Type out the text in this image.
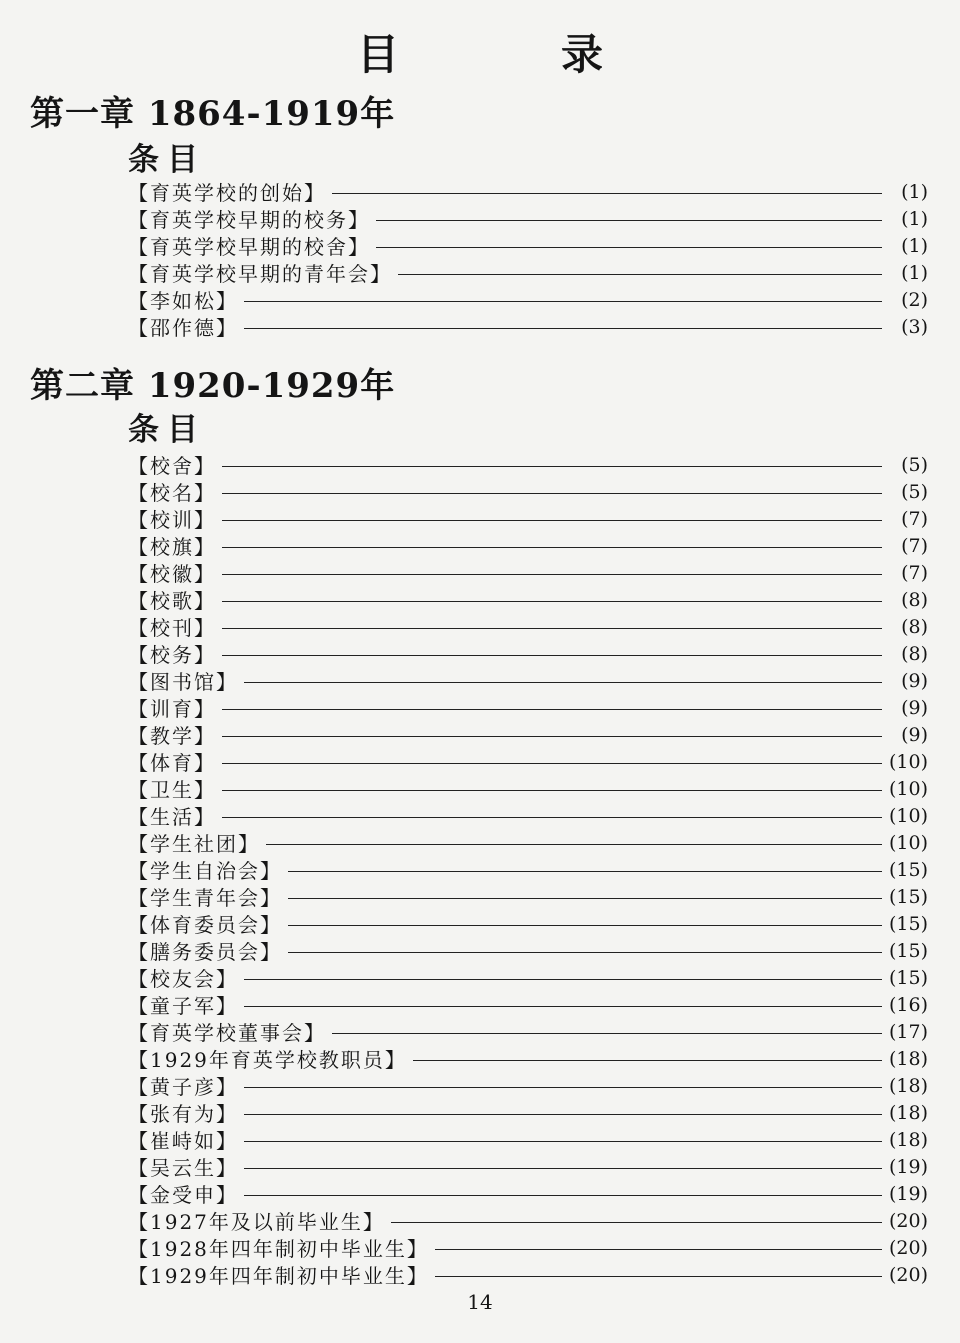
目　录
第一章 1864-1919年
条目
【育英学校的创始】	(1)
【育英学校早期的校务】	(1)
【育英学校早期的校舍】	(1)
【育英学校早期的青年会】	(1)
【李如松】	(2)
【邵作德】	(3)
第二章 1920-1929年
条目
【校舍】	(5)
【校名】	(5)
【校训】	(7)
【校旗】	(7)
【校徽】	(7)
【校歌】	(8)
【校刊】	(8)
【校务】	(8)
【图书馆】	(9)
【训育】	(9)
【教学】	(9)
【体育】	(10)
【卫生】	(10)
【生活】	(10)
【学生社团】	(10)
【学生自治会】	(15)
【学生青年会】	(15)
【体育委员会】	(15)
【膳务委员会】	(15)
【校友会】	(15)
【童子军】	(16)
【育英学校董事会】	(17)
【1929年育英学校教职员】	(18)
【黄子彦】	(18)
【张有为】	(18)
【崔峙如】	(18)
【吴云生】	(19)
【金受申】	(19)
【1927年及以前毕业生】	(20)
【1928年四年制初中毕业生】	(20)
【1929年四年制初中毕业生】	(20)
14
